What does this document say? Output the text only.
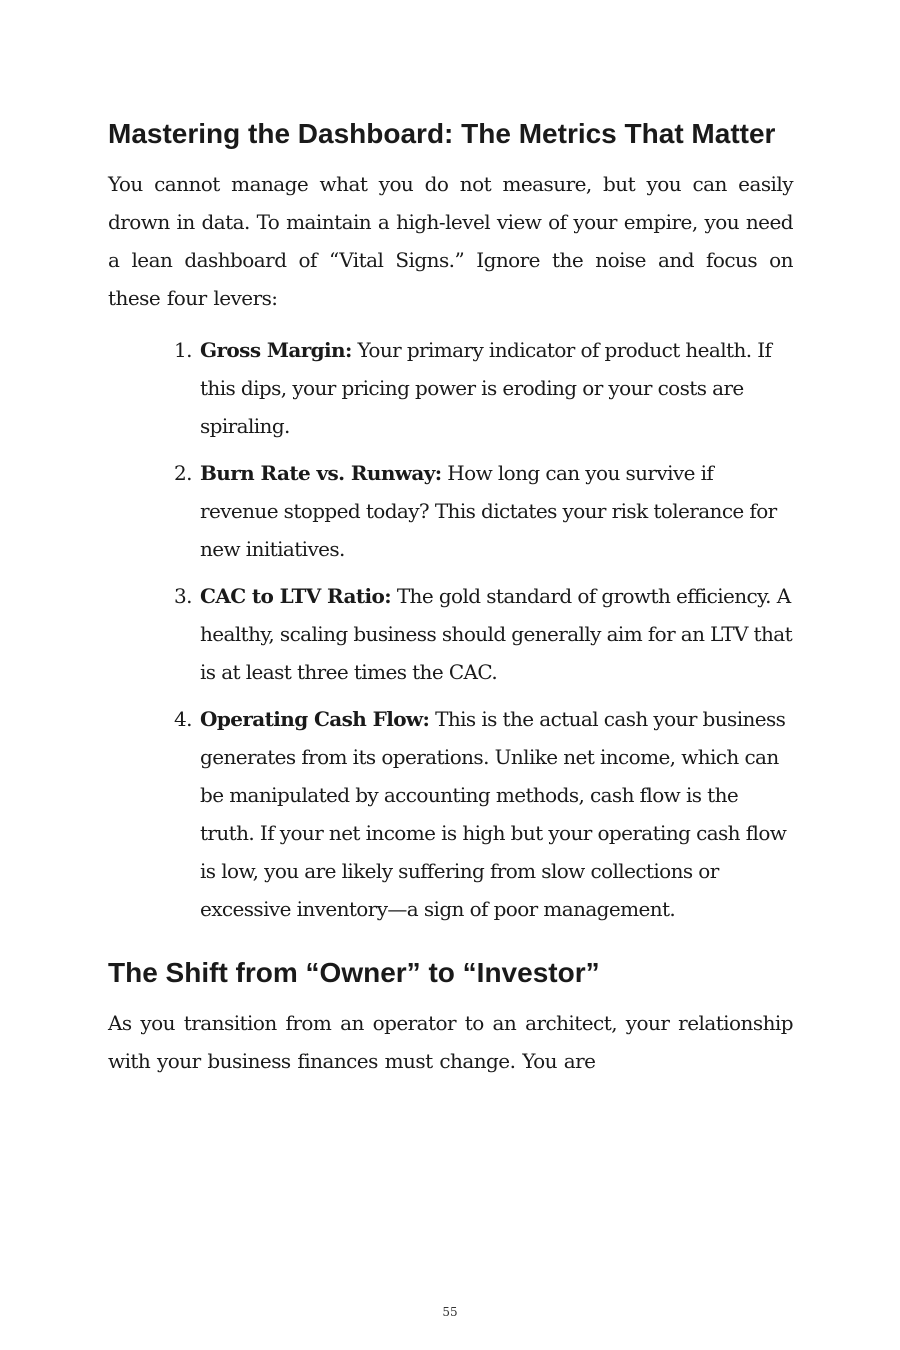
Mastering the Dashboard: The Metrics That Matter

You cannot manage what you do not measure, but you can easily drown in data. To maintain a high-level view of your empire, you need a lean dashboard of “Vital Signs.” Ignore the noise and focus on these four levers:

1. Gross Margin: Your primary indicator of product health. If this dips, your pricing power is eroding or your costs are spiraling.
2. Burn Rate vs. Runway: How long can you survive if revenue stopped today? This dictates your risk tolerance for new initiatives.
3. CAC to LTV Ratio: The gold standard of growth efficiency. A healthy, scaling business should generally aim for an LTV that is at least three times the CAC.
4. Operating Cash Flow: This is the actual cash your business generates from its operations. Unlike net income, which can be manipulated by accounting methods, cash flow is the truth. If your net income is high but your operating cash flow is low, you are likely suffering from slow collections or excessive inventory—a sign of poor management.
The Shift from “Owner” to “Investor”

As you transition from an operator to an architect, your relationship with your business finances must change. You are

55
